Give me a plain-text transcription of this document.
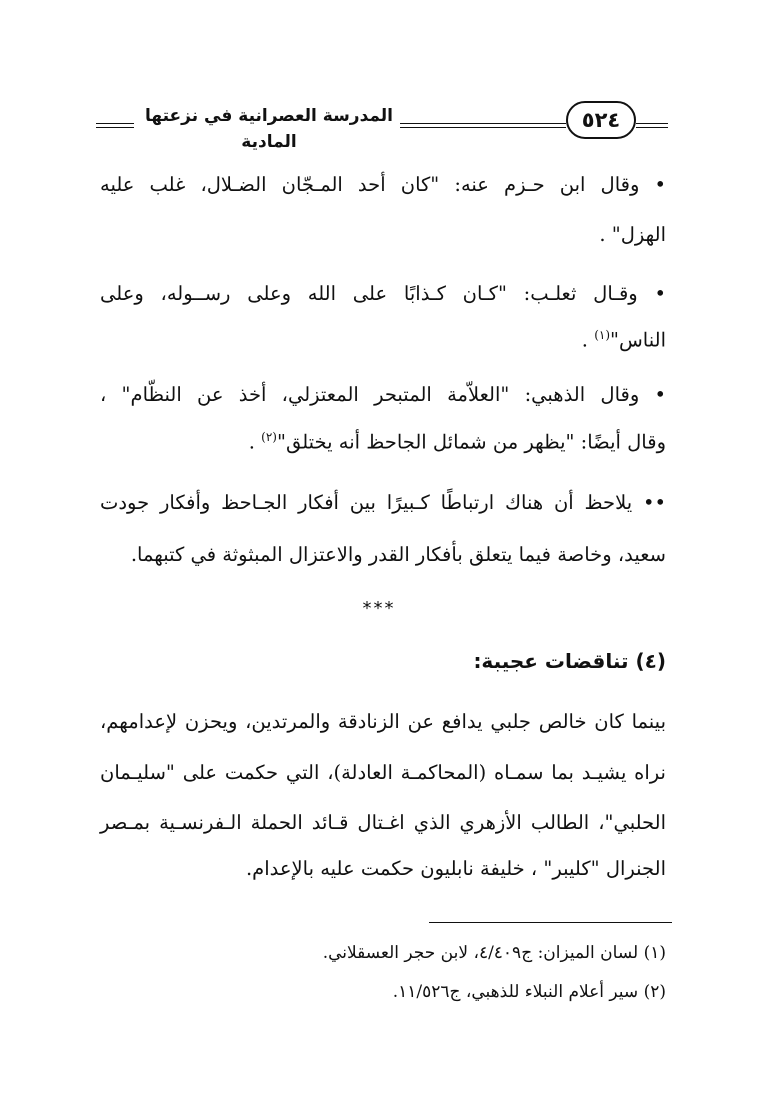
المدرسة العصرانية في نزعتها المادية
٥٢٤
• وقال ابن حـزم عنه: "كان أحد المـجّان الضـلال، غلب عليه
الهزل" .
• وقـال ثعلـب: "كـان كـذابًا على الله وعلى رســوله، وعلى
الناس"$^{(١)}$ .
• وقال الذهبي: "العلاّمة المتبحر المعتزلي، أخذ عن النظّام" ،
وقال أيضًا: "يظهر من شمائل الجاحظ أنه يختلق"$^{(٢)}$ .
•• يلاحظ أن هناك ارتباطًا كـبيرًا بين أفكار الجـاحظ وأفكار جودت
سعيد، وخاصة فيما يتعلق بأفكار القدر والاعتزال المبثوثة في كتبهما.
***
(٤) تناقضات عجيبة:
بينما كان خالص جلبي يدافع عن الزنادقة والمرتدين، ويحزن لإعدامهم،
نراه يشيـد بما سمـاه (المحاكمـة العادلة)، التي حكمت على "سليـمان
الحلبي"، الطالب الأزهري الذي اغـتال قـائد الحملة الـفرنسـية بمـصر
الجنرال "كليبر" ، خليفة نابليون حكمت عليه بالإعدام.
(١) لسان الميزان: ج٤/٤٠٩، لابن حجر العسقلاني.
(٢) سير أعلام النبلاء للذهبي، ج١١/٥٢٦.
